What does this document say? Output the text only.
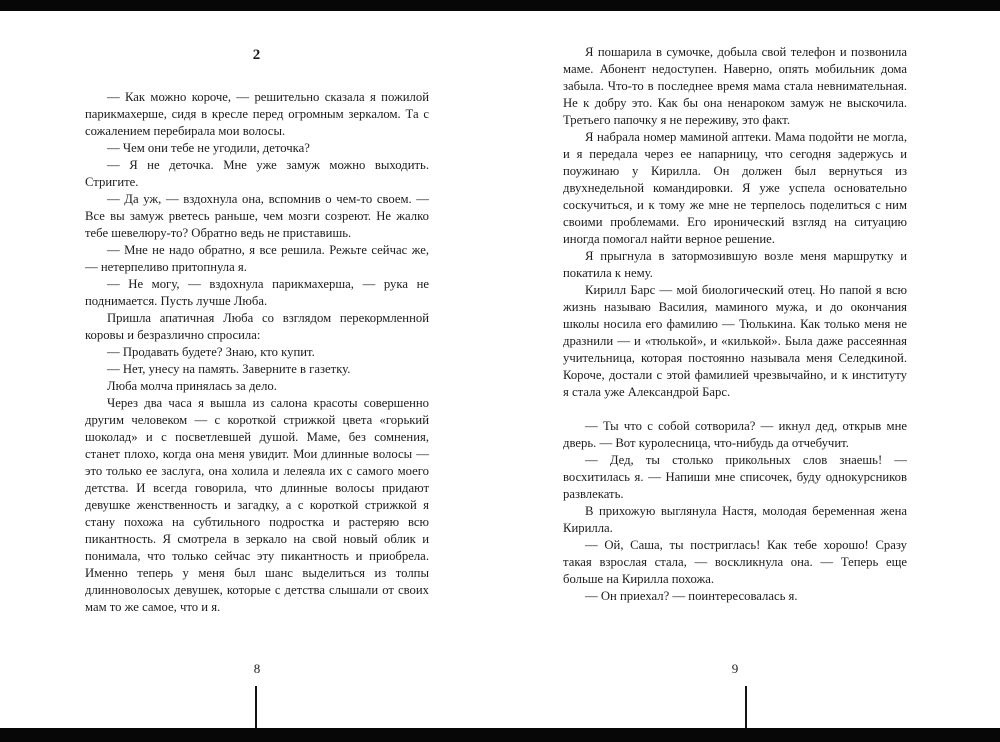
2

— Как можно короче, — решительно сказала я пожилой парикмахерше, сидя в кресле перед огромным зеркалом. Та с сожалением перебирала мои волосы.

— Чем они тебе не угодили, деточка?

— Я не деточка. Мне уже замуж можно выходить. Стригите.

— Да уж, — вздохнула она, вспомнив о чем-то своем. — Все вы замуж рветесь раньше, чем мозги созреют. Не жалко тебе шевелюру-то? Обратно ведь не приставишь.

— Мне не надо обратно, я все решила. Режьте сейчас же, — нетерпеливо притопнула я.

— Не могу, — вздохнула парикмахерша, — рука не поднимается. Пусть лучше Люба.

Пришла апатичная Люба со взглядом перекормленной коровы и безразлично спросила:

— Продавать будете? Знаю, кто купит.

— Нет, унесу на память. Заверните в газетку.

Люба молча принялась за дело.

Через два часа я вышла из салона красоты совершенно другим человеком — с короткой стрижкой цвета «горький шоколад» и с посветлевшей душой. Маме, без сомнения, станет плохо, когда она меня увидит. Мои длинные волосы — это только ее заслуга, она холила и лелеяла их с самого моего детства. И всегда говорила, что длинные волосы придают девушке женственность и загадку, а с короткой стрижкой я стану похожа на субтильного подростка и растеряю всю пикантность. Я смотрела в зеркало на свой новый облик и понимала, что только сейчас эту пикантность и приобрела. Именно теперь у меня был шанс выделиться из толпы длинноволосых девушек, которые с детства слышали от своих мам то же самое, что и я.

Я пошарила в сумочке, добыла свой телефон и позвонила маме. Абонент недоступен. Наверно, опять мобильник дома забыла. Что-то в последнее время мама стала невнимательная. Не к добру это. Как бы она ненароком замуж не выскочила. Третьего папочку я не переживу, это факт.

Я набрала номер маминой аптеки. Мама подойти не могла, и я передала через ее напарницу, что сегодня задержусь и поужинаю у Кирилла. Он должен был вернуться из двухнедельной командировки. Я уже успела основательно соскучиться, и к тому же мне не терпелось поделиться с ним своими проблемами. Его иронический взгляд на ситуацию иногда помогал найти верное решение.

Я прыгнула в затормозившую возле меня маршрутку и покатила к нему.

Кирилл Барс — мой биологический отец. Но папой я всю жизнь называю Василия, маминого мужа, и до окончания школы носила его фамилию — Тюлькина. Как только меня не дразнили — и «тюлькой», и «килькой». Была даже рассеянная учительница, которая постоянно называла меня Селедкиной. Короче, достали с этой фамилией чрезвычайно, и к институту я стала уже Александрой Барс.

— Ты что с собой сотворила? — икнул дед, открыв мне дверь. — Вот куролесница, что-нибудь да отчебучит.

— Дед, ты столько прикольных слов знаешь! — восхитилась я. — Напиши мне списочек, буду однокурсников развлекать.

В прихожую выглянула Настя, молодая беременная жена Кирилла.

— Ой, Саша, ты постриглась! Как тебе хорошо! Сразу такая взрослая стала, — воскликнула она. — Теперь еще больше на Кирилла похожа.

— Он приехал? — поинтересовалась я.

8	9
